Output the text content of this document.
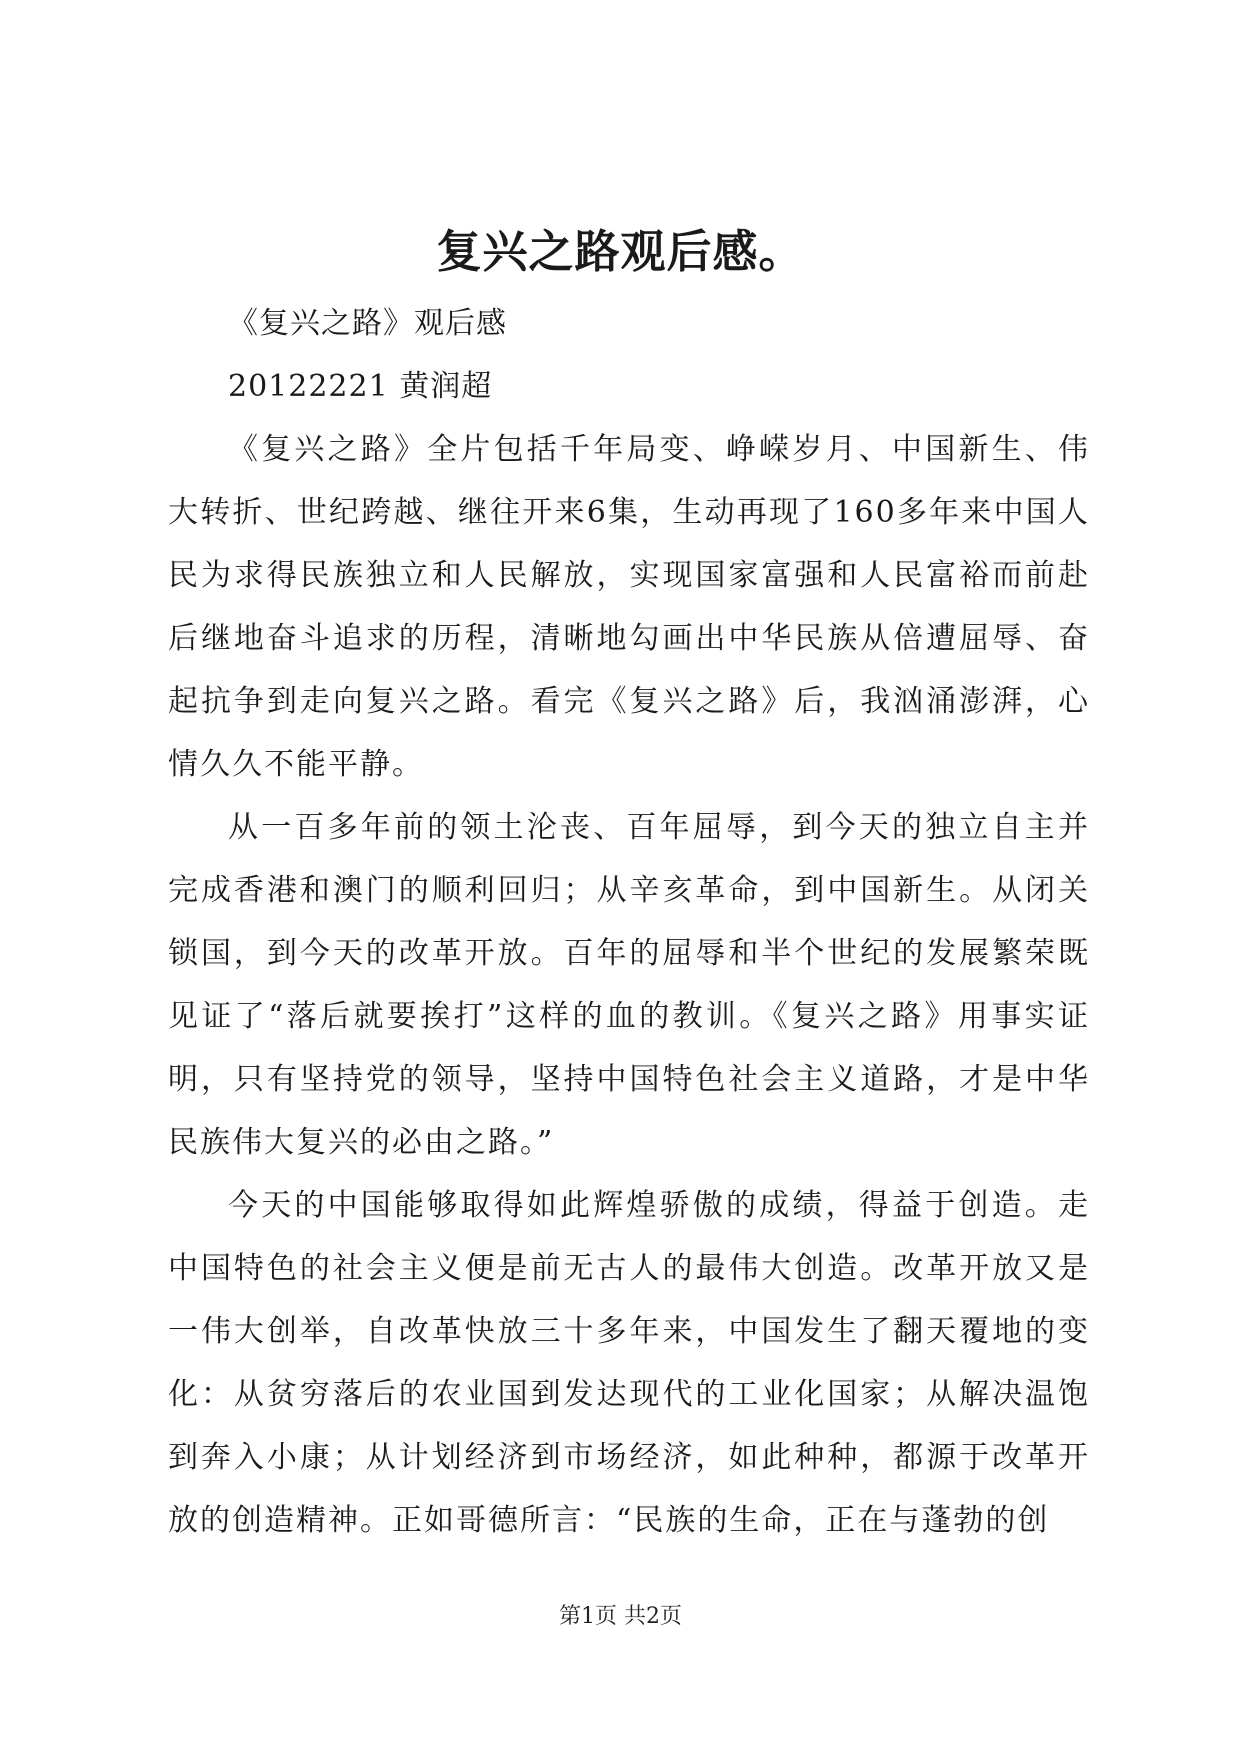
复兴之路观后感。

《复兴之路》观后感

20122221 黄润超

《复兴之路》全片包括千年局变、峥嵘岁月、中国新生、伟大转折、世纪跨越、继往开来6集，生动再现了160多年来中国人民为求得民族独立和人民解放，实现国家富强和人民富裕而前赴后继地奋斗追求的历程，清晰地勾画出中华民族从倍遭屈辱、奋起抗争到走向复兴之路。看完《复兴之路》后，我汹涌澎湃，心情久久不能平静。

从一百多年前的领土沦丧、百年屈辱，到今天的独立自主并完成香港和澳门的顺利回归；从辛亥革命，到中国新生。从闭关锁国，到今天的改革开放。百年的屈辱和半个世纪的发展繁荣既见证了“落后就要挨打”这样的血的教训。《复兴之路》用事实证明，只有坚持党的领导，坚持中国特色社会主义道路，才是中华民族伟大复兴的必由之路。”

今天的中国能够取得如此辉煌骄傲的成绩，得益于创造。走中国特色的社会主义便是前无古人的最伟大创造。改革开放又是一伟大创举，自改革快放三十多年来，中国发生了翻天覆地的变化：从贫穷落后的农业国到发达现代的工业化国家；从解决温饱到奔入小康；从计划经济到市场经济，如此种种，都源于改革开放的创造精神。正如哥德所言：“民族的生命，正在与蓬勃的创

第1页 共2页
